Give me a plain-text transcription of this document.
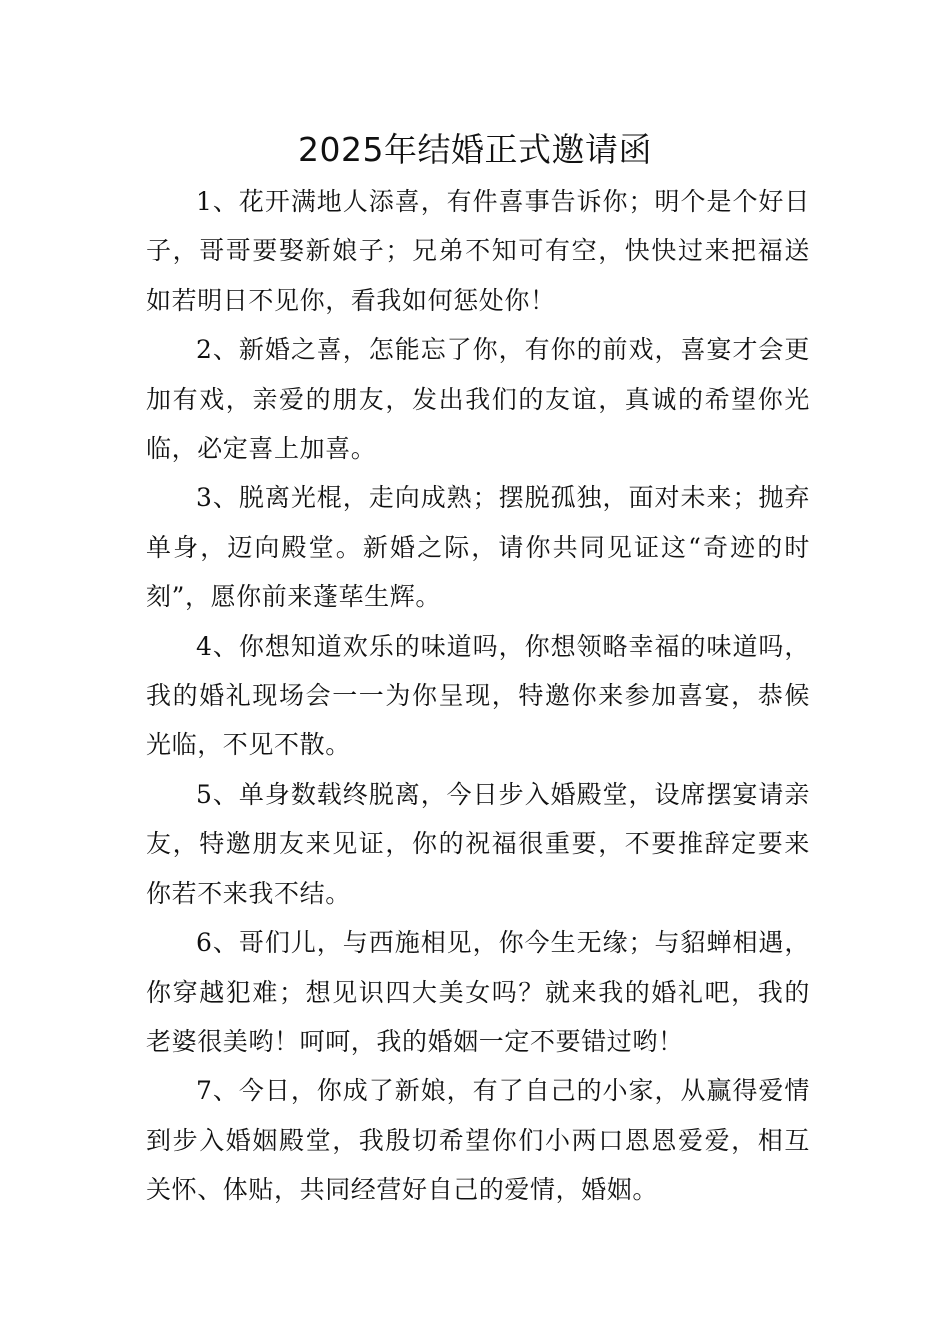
2025年结婚正式邀请函

1、花开满地人添喜，有件喜事告诉你；明个是个好日子，哥哥要娶新娘子；兄弟不知可有空，快快过来把福送如若明日不见你，看我如何惩处你！

2、新婚之喜，怎能忘了你，有你的前戏，喜宴才会更加有戏，亲爱的朋友，发出我们的友谊，真诚的希望你光临，必定喜上加喜。

3、脱离光棍，走向成熟；摆脱孤独，面对未来；抛弃单身，迈向殿堂。新婚之际，请你共同见证这“奇迹的时刻”，愿你前来蓬荜生辉。

4、你想知道欢乐的味道吗，你想领略幸福的味道吗，我的婚礼现场会一一为你呈现，特邀你来参加喜宴，恭候光临，不见不散。

5、单身数载终脱离，今日步入婚殿堂，设席摆宴请亲友，特邀朋友来见证，你的祝福很重要，不要推辞定要来你若不来我不结。

6、哥们儿，与西施相见，你今生无缘；与貂蝉相遇，你穿越犯难；想见识四大美女吗？就来我的婚礼吧，我的老婆很美哟！呵呵，我的婚姻一定不要错过哟！

7、今日，你成了新娘，有了自己的小家，从赢得爱情到步入婚姻殿堂，我殷切希望你们小两口恩恩爱爱，相互关怀、体贴，共同经营好自己的爱情，婚姻。
